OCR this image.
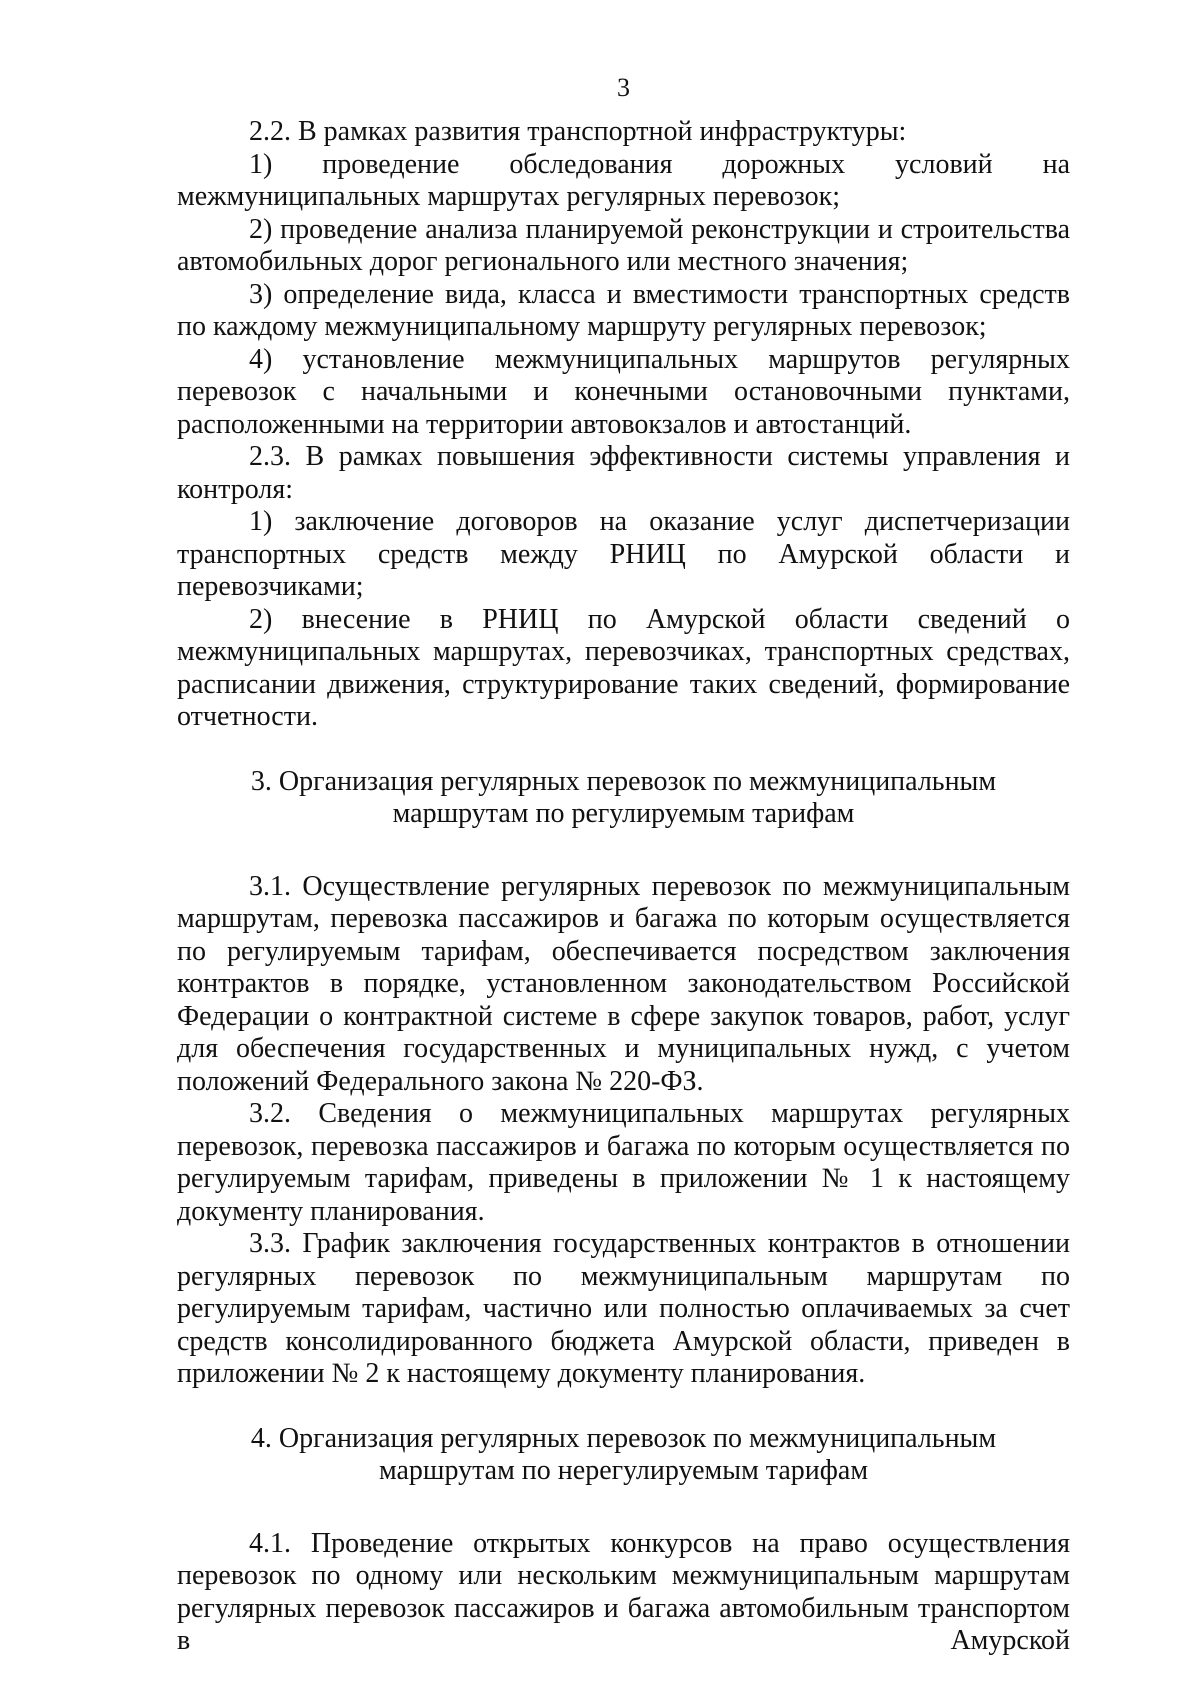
3

2.2. В рамках развития транспортной инфраструктуры:

1) проведение обследования дорожных условий на межмуниципальных маршрутах регулярных перевозок;

2) проведение анализа планируемой реконструкции и строительства автомобильных дорог регионального или местного значения;

3) определение вида, класса и вместимости транспортных средств по каждому межмуниципальному маршруту регулярных перевозок;

4) установление межмуниципальных маршрутов регулярных перевозок с начальными и конечными остановочными пунктами, расположенными на территории автовокзалов и автостанций.

2.3. В рамках повышения эффективности системы управления и контроля:

1) заключение договоров на оказание услуг диспетчеризации транспортных средств между РНИЦ по Амурской области и перевозчиками;

2) внесение в РНИЦ по Амурской области сведений о межмуниципальных маршрутах, перевозчиках, транспортных средствах, расписании движения, структурирование таких сведений, формирование отчетности.

3. Организация регулярных перевозок по межмуниципальным
маршрутам по регулируемым тарифам

3.1. Осуществление регулярных перевозок по межмуниципальным маршрутам, перевозка пассажиров и багажа по которым осуществляется по регулируемым тарифам, обеспечивается посредством заключения контрактов в порядке, установленном законодательством Российской Федерации о контрактной системе в сфере закупок товаров, работ, услуг для обеспечения государственных и муниципальных нужд, с учетом положений Федерального закона № 220-ФЗ.

3.2. Сведения о межмуниципальных маршрутах регулярных перевозок, перевозка пассажиров и багажа по которым осуществляется по регулируемым тарифам, приведены в приложении № 1 к настоящему документу планирования.

3.3. График заключения государственных контрактов в отношении регулярных перевозок по межмуниципальным маршрутам по регулируемым тарифам, частично или полностью оплачиваемых за счет средств консолидированного бюджета Амурской области, приведен в приложении № 2 к настоящему документу планирования.

4. Организация регулярных перевозок по межмуниципальным
маршрутам по нерегулируемым тарифам

4.1. Проведение открытых конкурсов на право осуществления перевозок по одному или нескольким межмуниципальным маршрутам регулярных перевозок пассажиров и багажа автомобильным транспортом в Амурской
